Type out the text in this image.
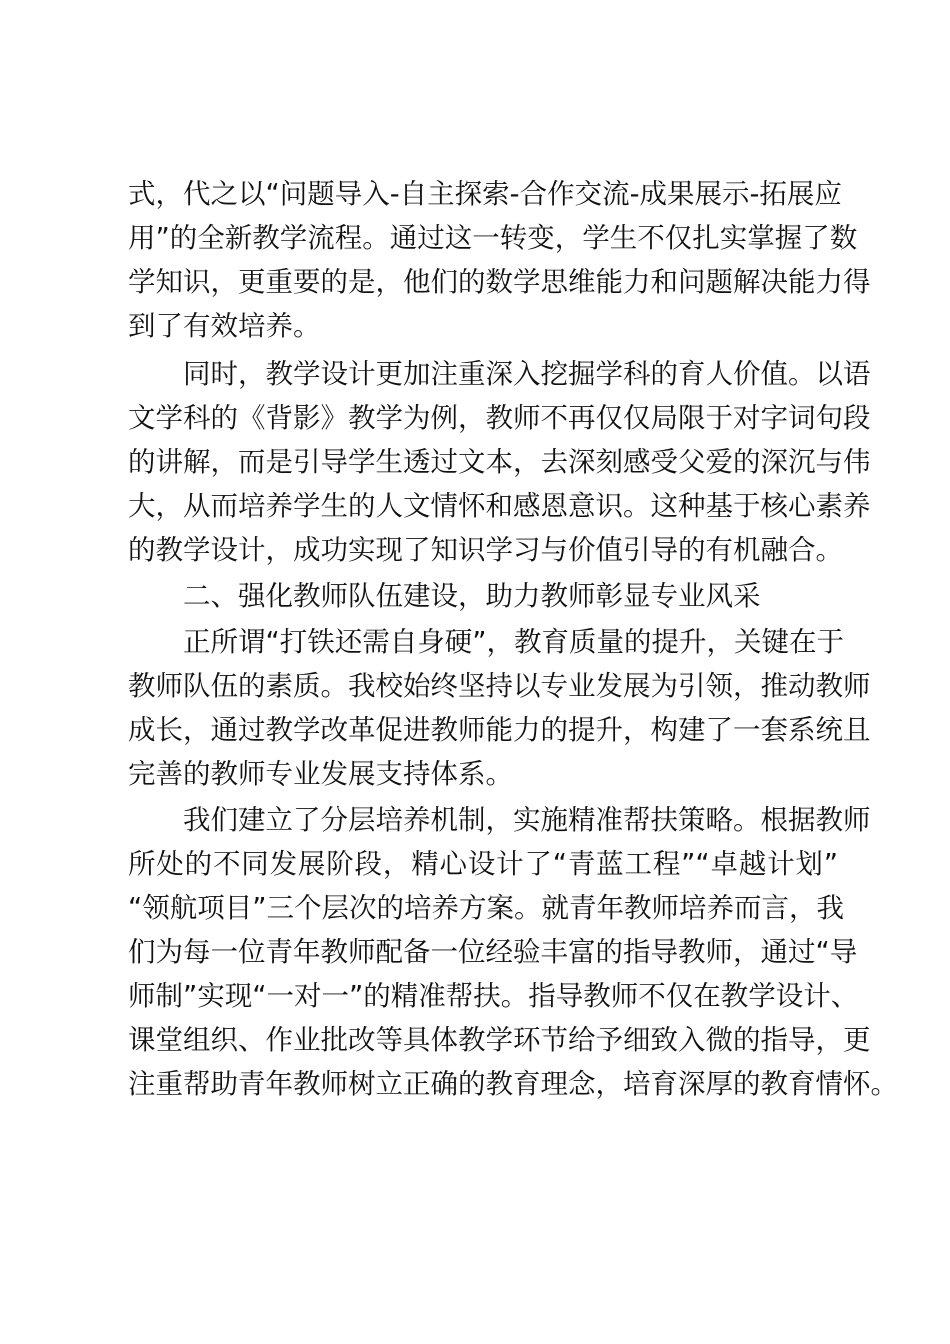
式，代之以“问题导入-自主探索-合作交流-成果展示-拓展应
用”的全新教学流程。通过这一转变，学生不仅扎实掌握了数
学知识，更重要的是，他们的数学思维能力和问题解决能力得
到了有效培养。
同时，教学设计更加注重深入挖掘学科的育人价值。以语
文学科的《背影》教学为例，教师不再仅仅局限于对字词句段
的讲解，而是引导学生透过文本，去深刻感受父爱的深沉与伟
大，从而培养学生的人文情怀和感恩意识。这种基于核心素养
的教学设计，成功实现了知识学习与价值引导的有机融合。
二、强化教师队伍建设，助力教师彰显专业风采
正所谓“打铁还需自身硬”，教育质量的提升，关键在于
教师队伍的素质。我校始终坚持以专业发展为引领，推动教师
成长，通过教学改革促进教师能力的提升，构建了一套系统且
完善的教师专业发展支持体系。
我们建立了分层培养机制，实施精准帮扶策略。根据教师
所处的不同发展阶段，精心设计了“青蓝工程”“卓越计划”
“领航项目”三个层次的培养方案。就青年教师培养而言，我
们为每一位青年教师配备一位经验丰富的指导教师，通过“导
师制”实现“一对一”的精准帮扶。指导教师不仅在教学设计、
课堂组织、作业批改等具体教学环节给予细致入微的指导，更
注重帮助青年教师树立正确的教育理念，培育深厚的教育情怀。
